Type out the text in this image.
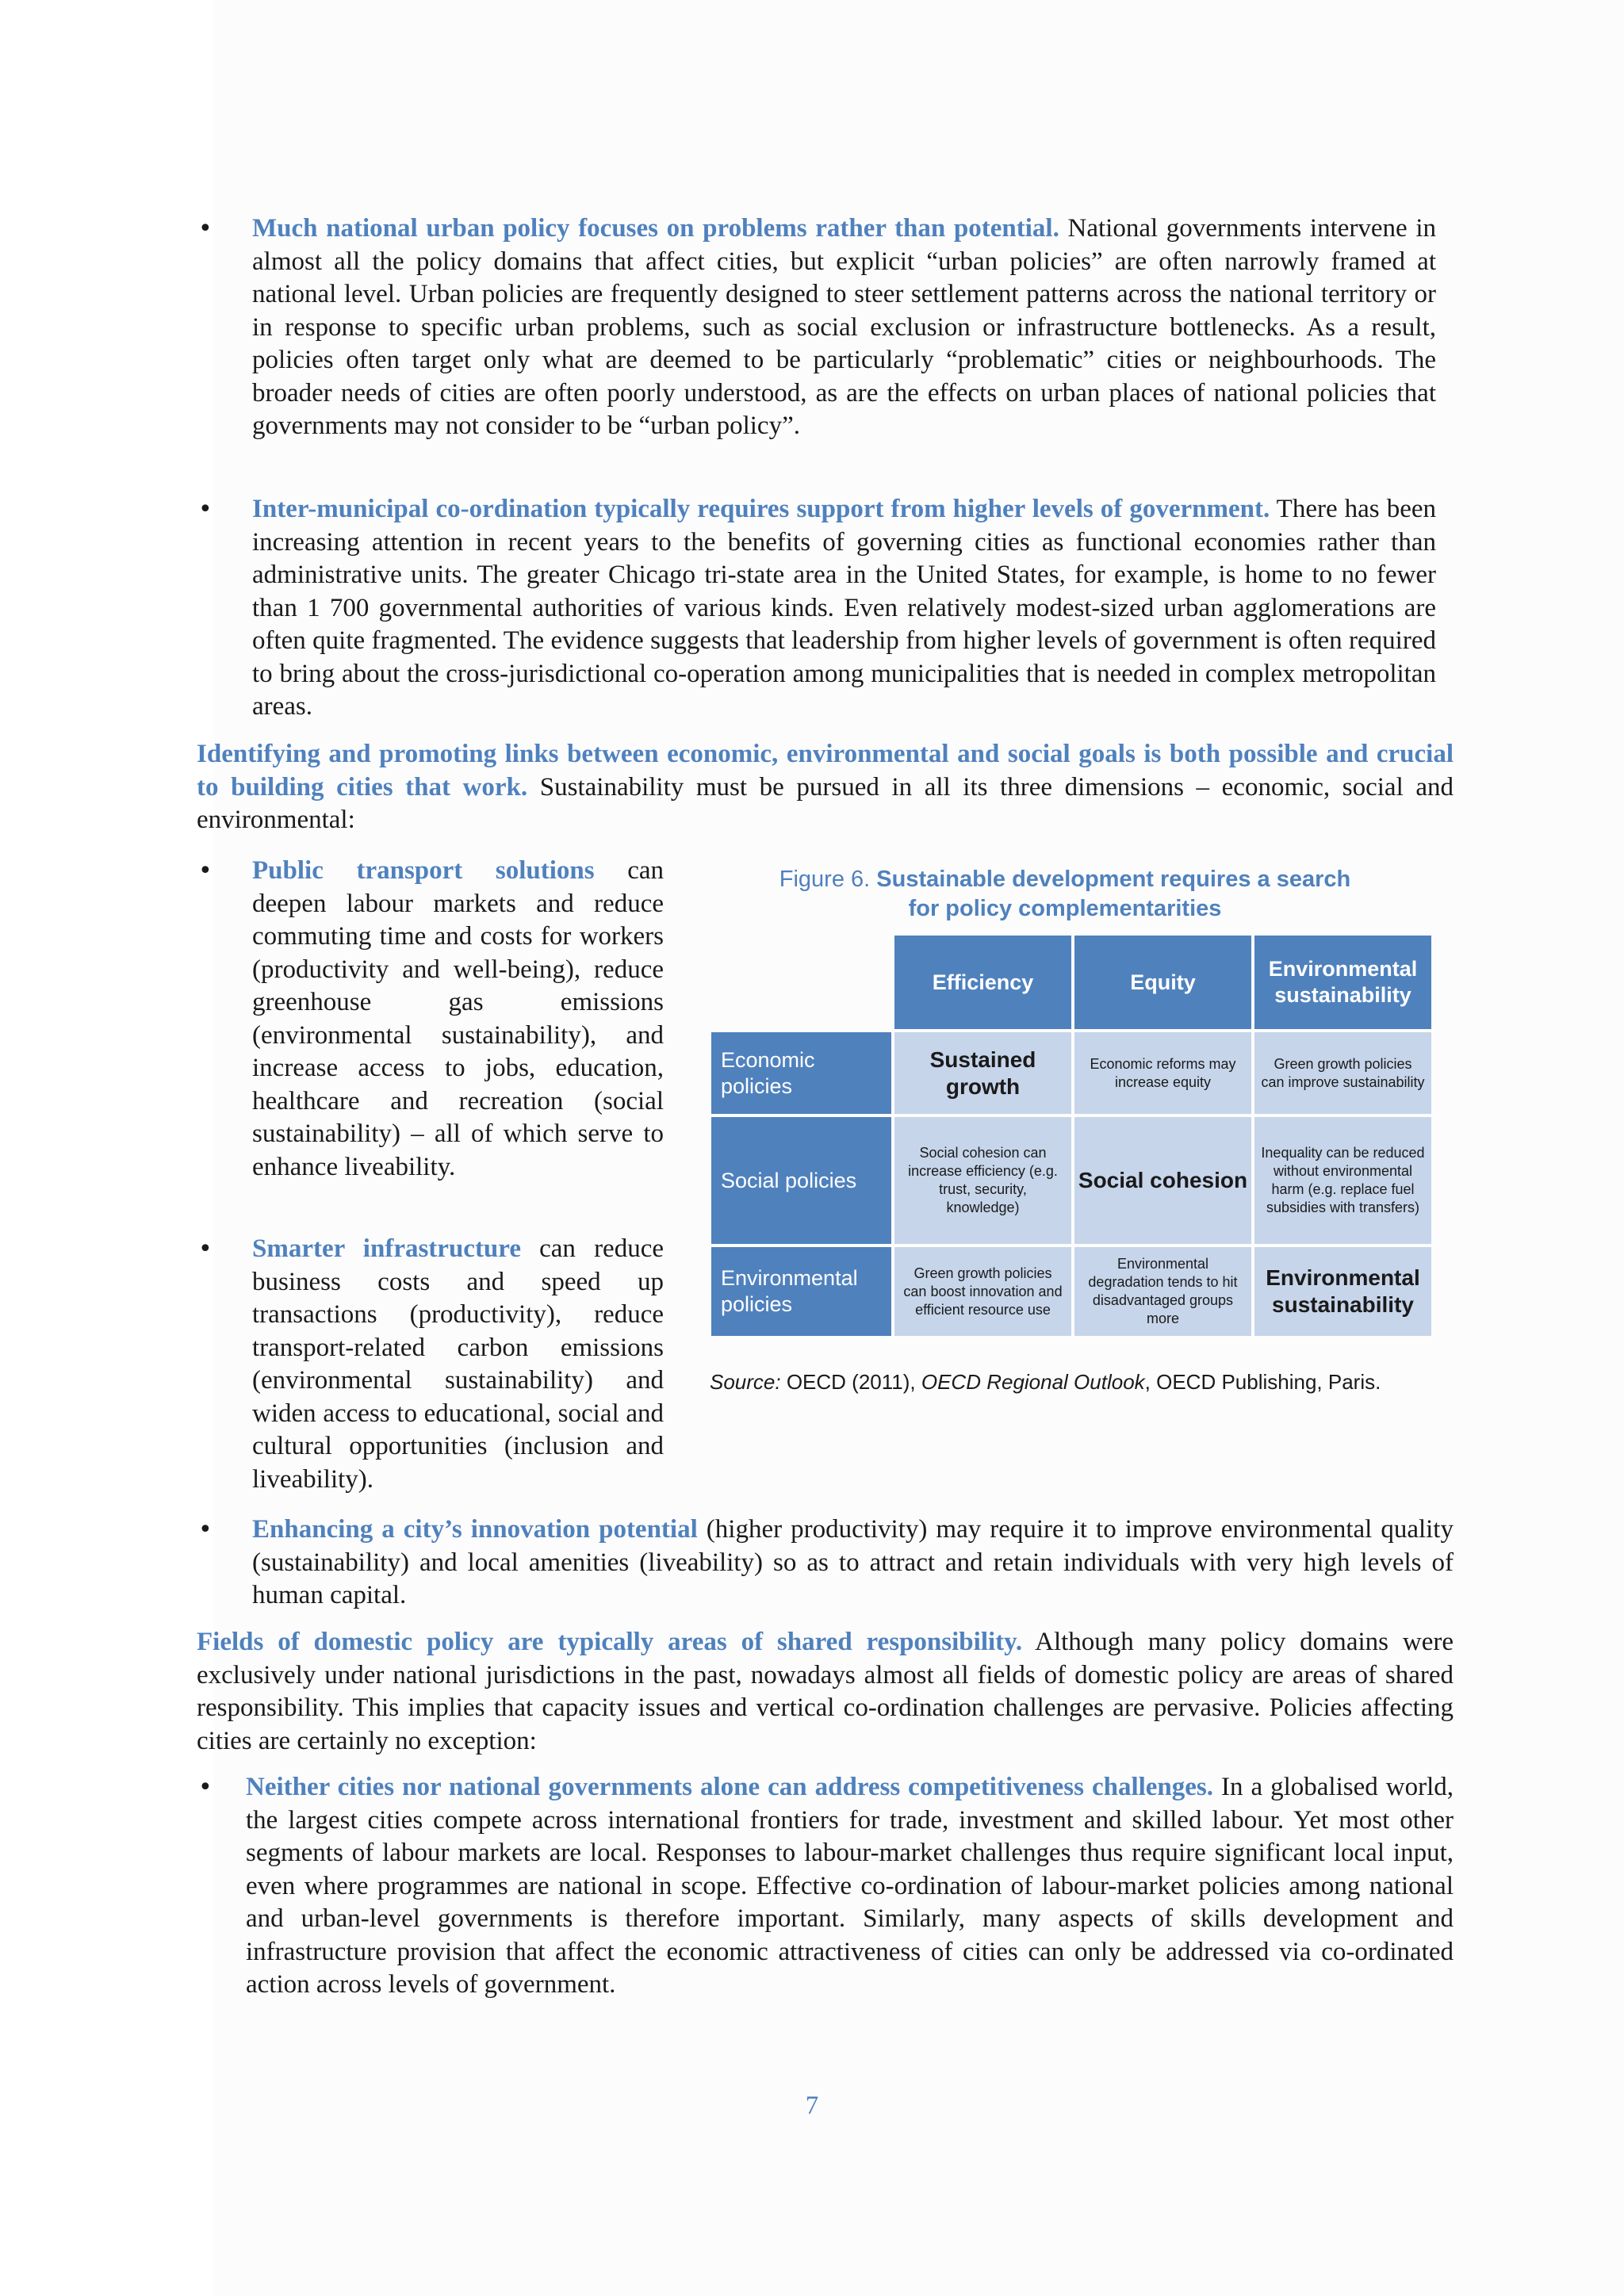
• Much national urban policy focuses on problems rather than potential. National governments intervene in almost all the policy domains that affect cities, but explicit “urban policies” are often narrowly framed at national level. Urban policies are frequently designed to steer settlement patterns across the national territory or in response to specific urban problems, such as social exclusion or infrastructure bottlenecks. As a result, policies often target only what are deemed to be particularly “problematic” cities or neighbourhoods. The broader needs of cities are often poorly understood, as are the effects on urban places of national policies that governments may not consider to be “urban policy”.

• Inter-municipal co-ordination typically requires support from higher levels of government. There has been increasing attention in recent years to the benefits of governing cities as functional economies rather than administrative units. The greater Chicago tri-state area in the United States, for example, is home to no fewer than 1 700 governmental authorities of various kinds. Even relatively modest-sized urban agglomerations are often quite fragmented. The evidence suggests that leadership from higher levels of government is often required to bring about the cross-jurisdictional co-operation among municipalities that is needed in complex metropolitan areas.

Identifying and promoting links between economic, environmental and social goals is both possible and crucial to building cities that work. Sustainability must be pursued in all its three dimensions – economic, social and environmental:

• Public transport solutions can deepen labour markets and reduce commuting time and costs for workers (productivity and well-being), reduce greenhouse gas emissions (environmental sustainability), and increase access to jobs, education, healthcare and recreation (social sustainability) – all of which serve to enhance liveability.

• Smarter infrastructure can reduce business costs and speed up transactions (productivity), reduce transport-related carbon emissions (environmental sustainability) and widen access to educational, social and cultural opportunities (inclusion and liveability).

Figure 6. Sustainable development requires a search
for policy complementarities
Efficiency	Equity
Environmental sustainability
Economic policies
Sustained growth
Economic reforms may increase equity
Green growth policies can improve sustainability
Social policies
Social cohesion can increase efficiency (e.g. trust, security, knowledge)
Social cohesion
Inequality can be reduced without environmental harm (e.g. replace fuel subsidies with transfers)
Environmental policies
Green growth policies can boost innovation and efficient resource use
Environmental degradation tends to hit disadvantaged groups more
Environmental sustainability
Source: OECD (2011), OECD Regional Outlook, OECD Publishing, Paris.
• Enhancing a city’s innovation potential (higher productivity) may require it to improve environmental quality (sustainability) and local amenities (liveability) so as to attract and retain individuals with very high levels of human capital.

Fields of domestic policy are typically areas of shared responsibility. Although many policy domains were exclusively under national jurisdictions in the past, nowadays almost all fields of domestic policy are areas of shared responsibility. This implies that capacity issues and vertical co-ordination challenges are pervasive. Policies affecting cities are certainly no exception:

• Neither cities nor national governments alone can address competitiveness challenges. In a globalised world, the largest cities compete across international frontiers for trade, investment and skilled labour. Yet most other segments of labour markets are local. Responses to labour-market challenges thus require significant local input, even where programmes are national in scope. Effective co-ordination of labour-market policies among national and urban-level governments is therefore important. Similarly, many aspects of skills development and infrastructure provision that affect the economic attractiveness of cities can only be addressed via co-ordinated action across levels of government.

7
